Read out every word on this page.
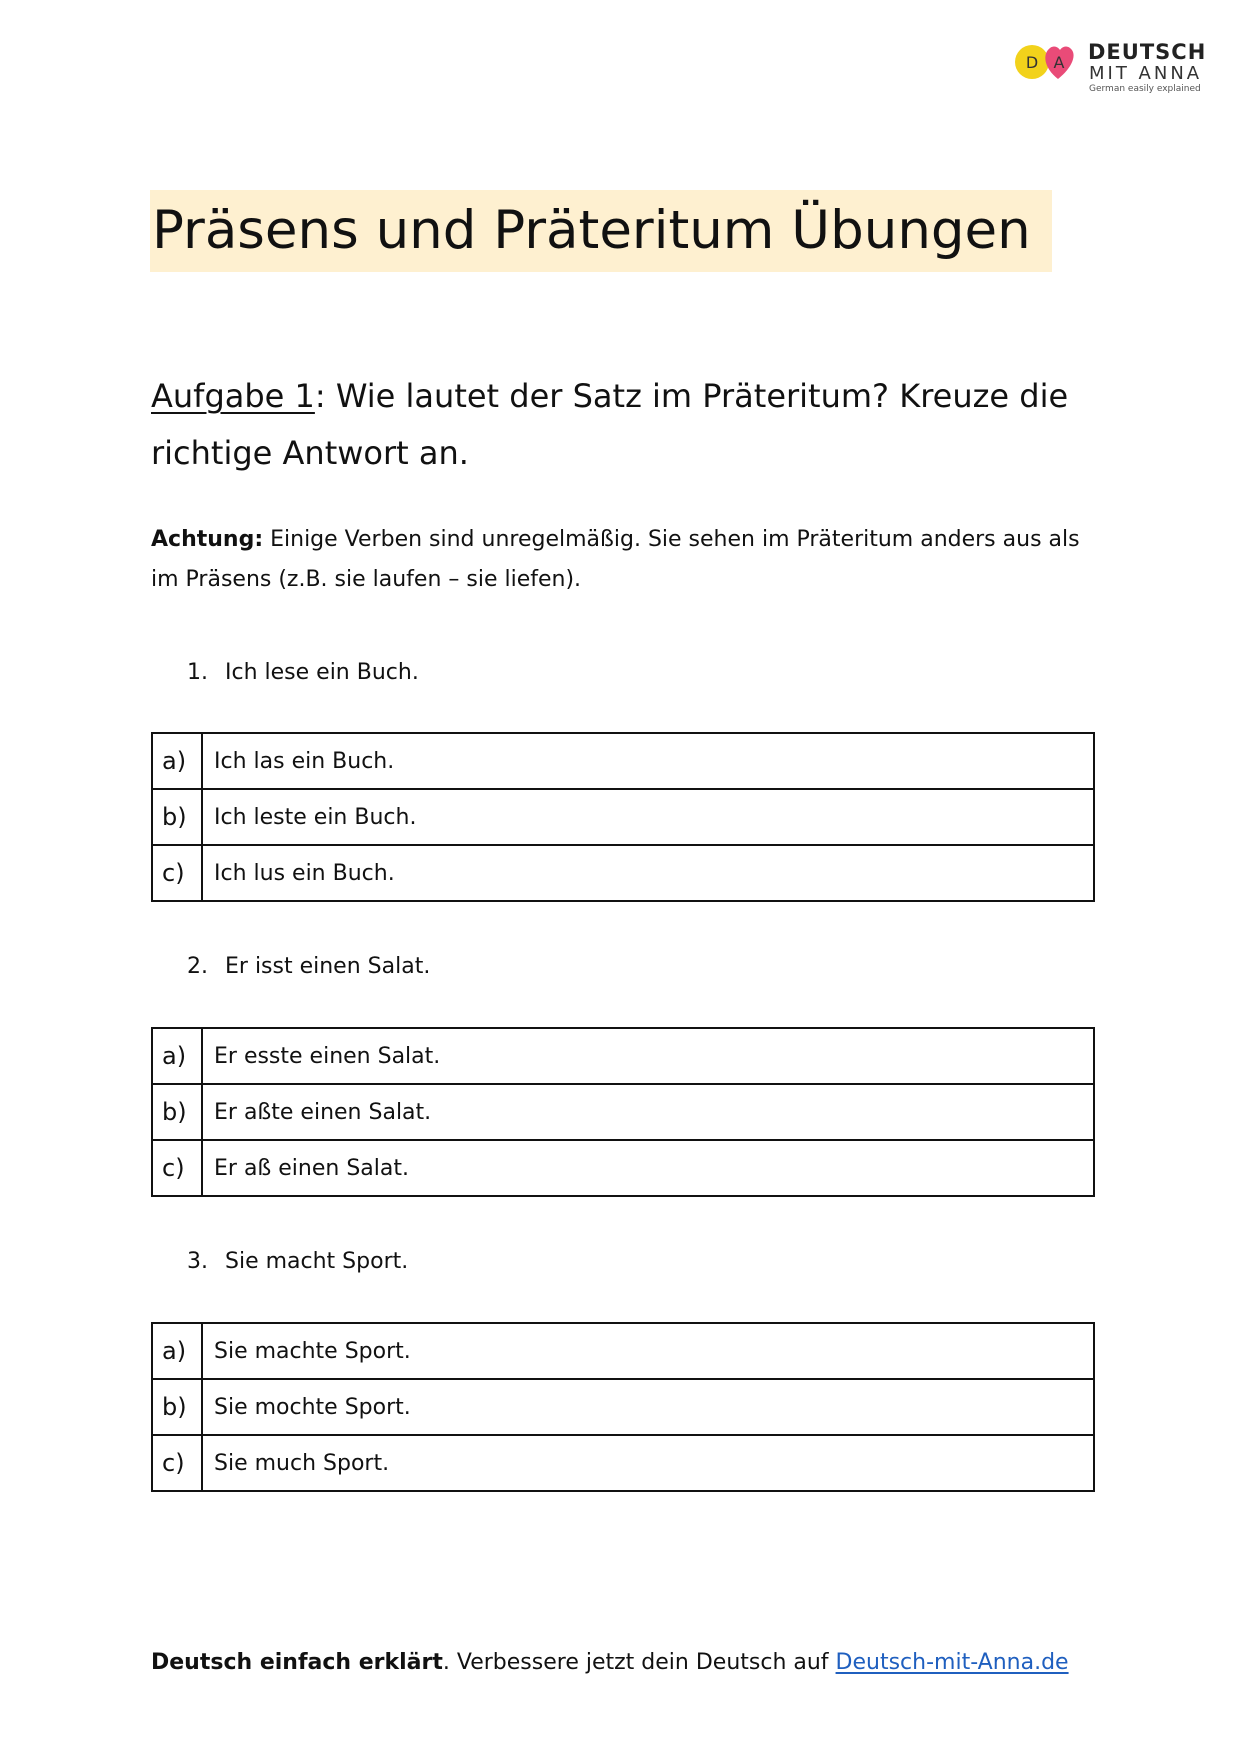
D A DEUTSCH
MIT ANNA
German easily explained
Präsens und Präteritum Übungen
Aufgabe 1: Wie lautet der Satz im Präteritum? Kreuze die richtige Antwort an.
Achtung: Einige Verben sind unregelmäßig. Sie sehen im Präteritum anders aus als im Präsens (z.B. sie laufen – sie liefen).
1. Ich lese ein Buch.
a)	Ich las ein Buch.
b)	Ich leste ein Buch.
c)	Ich lus ein Buch.
2. Er isst einen Salat.
a)	Er esste einen Salat.
b)	Er aßte einen Salat.
c)	Er aß einen Salat.
3. Sie macht Sport.
a)	Sie machte Sport.
b)	Sie mochte Sport.
c)	Sie much Sport.
Deutsch einfach erklärt. Verbessere jetzt dein Deutsch auf Deutsch-mit-Anna.de
